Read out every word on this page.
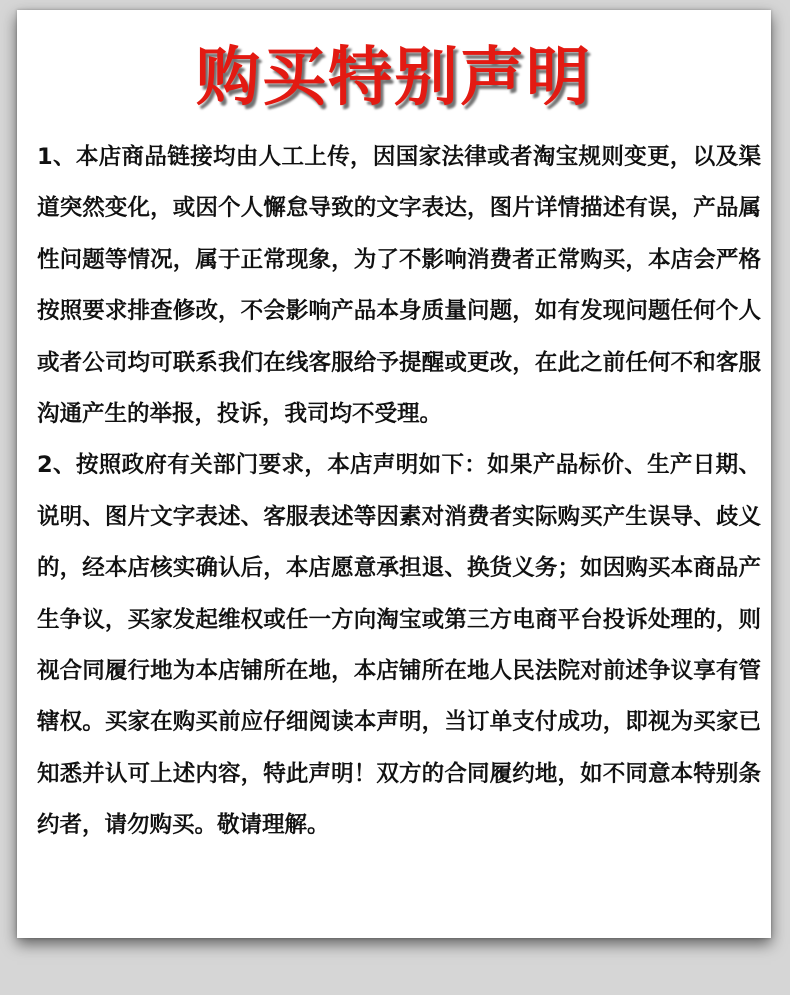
购买特别声明

1、本店商品链接均由人工上传，因国家法律或者淘宝规则变更，以及渠道突然变化，或因个人懈怠导致的文字表达，图片详情描述有误，产品属性问题等情况，属于正常现象，为了不影响消费者正常购买，本店会严格按照要求排查修改，不会影响产品本身质量问题，如有发现问题任何个人或者公司均可联系我们在线客服给予提醒或更改，在此之前任何不和客服沟通产生的举报，投诉，我司均不受理。

2、按照政府有关部门要求，本店声明如下：如果产品标价、生产日期、说明、图片文字表述、客服表述等因素对消费者实际购买产生误导、歧义的，经本店核实确认后，本店愿意承担退、换货义务；如因购买本商品产生争议，买家发起维权或任一方向淘宝或第三方电商平台投诉处理的，则视合同履行地为本店铺所在地，本店铺所在地人民法院对前述争议享有管辖权。买家在购买前应仔细阅读本声明，当订单支付成功，即视为买家已知悉并认可上述内容，特此声明！双方的合同履约地，如不同意本特别条约者，请勿购买。敬请理解。
